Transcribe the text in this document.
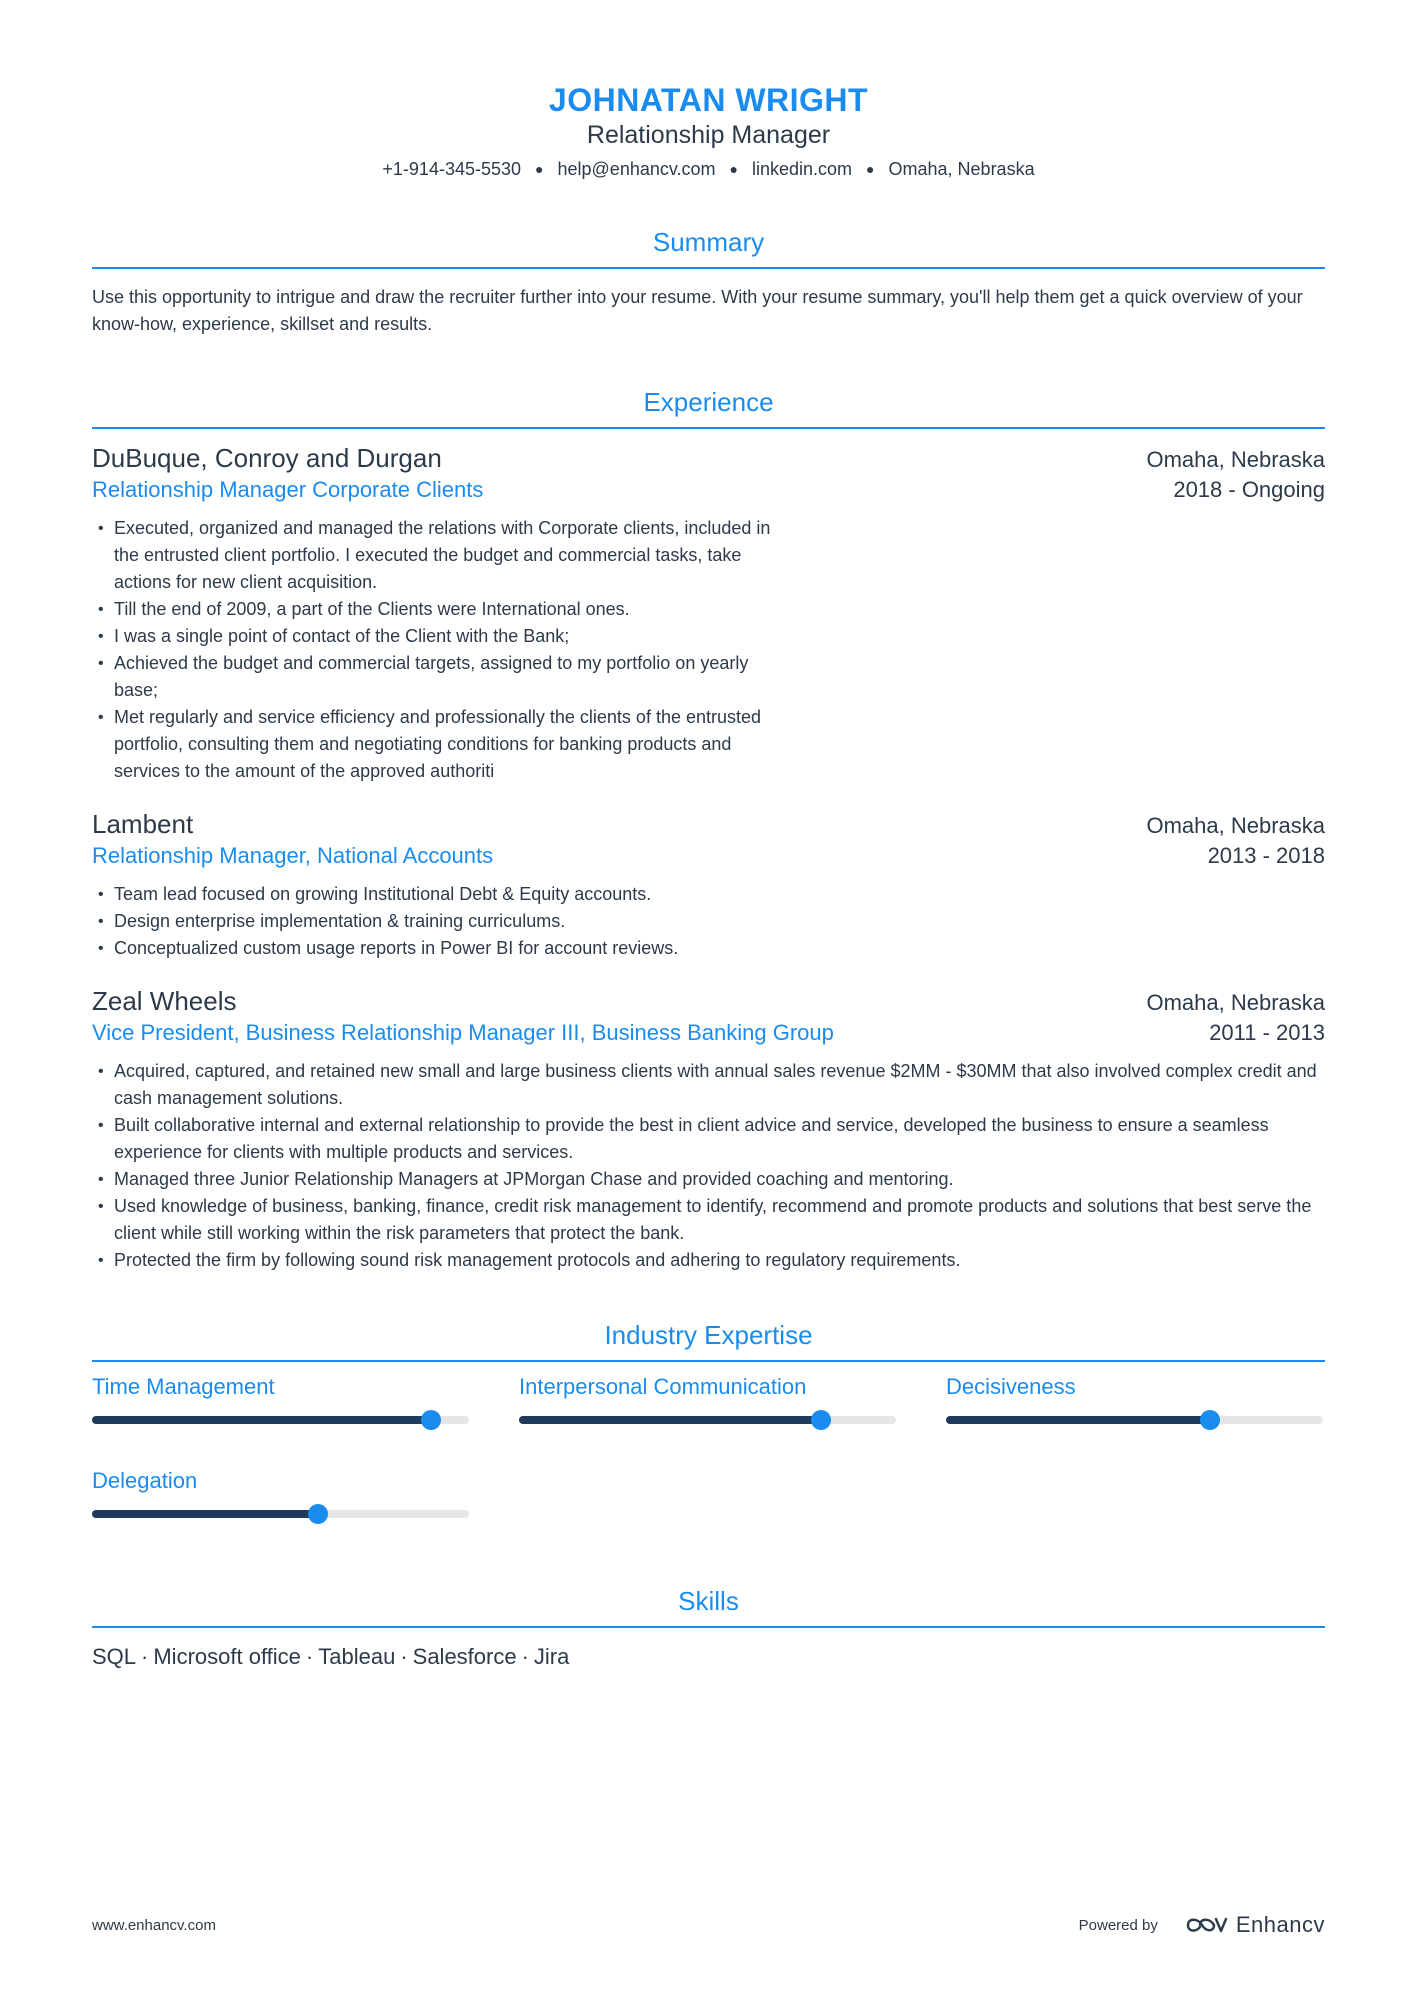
JOHNATAN WRIGHT
Relationship Manager
+1-914-345-5530 ● help@enhancv.com ● linkedin.com ● Omaha, Nebraska
Summary
Use this opportunity to intrigue and draw the recruiter further into your resume. With your resume summary, you'll help them get a quick overview of your know-how, experience, skillset and results.
Experience
DuBuque, Conroy and Durgan	Omaha, Nebraska
Relationship Manager Corporate Clients	2018 - Ongoing
• Executed, organized and managed the relations with Corporate clients, included in the entrusted client portfolio. I executed the budget and commercial tasks, take actions for new client acquisition.
• Till the end of 2009, a part of the Clients were International ones.
• I was a single point of contact of the Client with the Bank;
• Achieved the budget and commercial targets, assigned to my portfolio on yearly base;
• Met regularly and service efficiency and professionally the clients of the entrusted portfolio, consulting them and negotiating conditions for banking products and services to the amount of the approved authoriti
Lambent	Omaha, Nebraska
Relationship Manager, National Accounts	2013 - 2018
• Team lead focused on growing Institutional Debt & Equity accounts.
• Design enterprise implementation & training curriculums.
• Conceptualized custom usage reports in Power BI for account reviews.
Zeal Wheels	Omaha, Nebraska
Vice President, Business Relationship Manager III, Business Banking Group	2011 - 2013
• Acquired, captured, and retained new small and large business clients with annual sales revenue $2MM - $30MM that also involved complex credit and cash management solutions.
• Built collaborative internal and external relationship to provide the best in client advice and service, developed the business to ensure a seamless experience for clients with multiple products and services.
• Managed three Junior Relationship Managers at JPMorgan Chase and provided coaching and mentoring.
• Used knowledge of business, banking, finance, credit risk management to identify, recommend and promote products and solutions that best serve the client while still working within the risk parameters that protect the bank.
• Protected the firm by following sound risk management protocols and adhering to regulatory requirements.
Industry Expertise
Time Management	Interpersonal Communication	Decisiveness
Delegation
Skills
SQL · Microsoft office · Tableau · Salesforce · Jira
www.enhancv.com	Powered by	Enhancv
